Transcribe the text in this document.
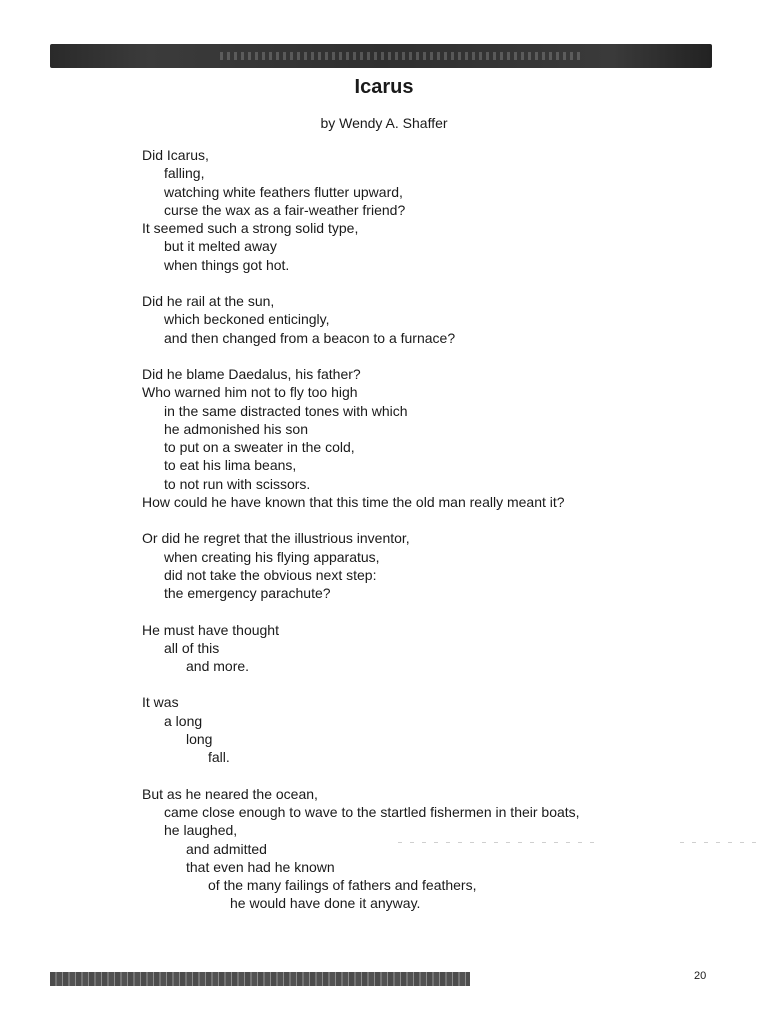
Icarus
by Wendy A. Shaffer
Did Icarus,
falling,
watching white feathers flutter upward,
curse the wax as a fair-weather friend?
It seemed such a strong solid type,
but it melted away
when things got hot.
Did he rail at the sun,
which beckoned enticingly,
and then changed from a beacon to a furnace?
Did he blame Daedalus, his father?
Who warned him not to fly too high
in the same distracted tones with which
he admonished his son
to put on a sweater in the cold,
to eat his lima beans,
to not run with scissors.
How could he have known that this time the old man really meant it?
Or did he regret that the illustrious inventor,
when creating his flying apparatus,
did not take the obvious next step:
the emergency parachute?
He must have thought
all of this
and more.
It was
a long
long
fall.
But as he neared the ocean,
came close enough to wave to the startled fishermen in their boats,
he laughed,
and admitted
that even had he known
of the many failings of fathers and feathers,
he would have done it anyway.
20
